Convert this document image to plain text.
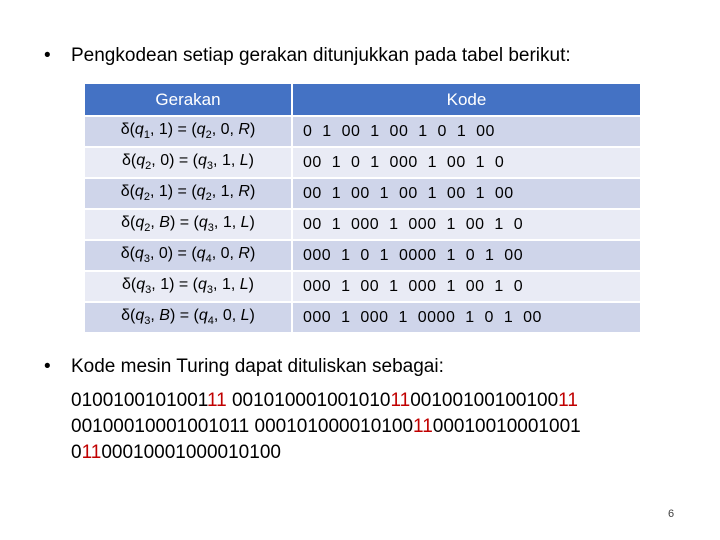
• Pengkodean setiap gerakan ditunjukkan pada tabel berikut:
Gerakan	Kode
$\delta(q_1$, $1) = (q_2$, 0, R)	0  1  00  1  00  1  0  1  00
$\delta(q_2$, $0) = (q_3$, 1, L)	00  1  0  1  000  1  00  1  0
$\delta(q_2$, $1) = (q_2$, 1, R)	00  1  00  1  00  1  00  1  00
$\delta(q_2$, $B) = (q_3$, 1, L)	00  1  000  1  000  1  00  1  0
$\delta(q_3$, $0) = (q_4$, 0, R)	000  1  0  1  0000  1  0  1  00
$\delta(q_3$, $1) = (q_3$, 1, L)	000  1  00  1  000  1  00  1  0
$\delta(q_3$, $B) = (q_4$, 0, L)	000  1  000  1  0000  1  0  1  00
• Kode mesin Turing dapat dituliskan sebagai:
010010010100111 001010001001010110010010010010011
00100010001001011 0001010000101001100010010001001
01100010001000010100
6
